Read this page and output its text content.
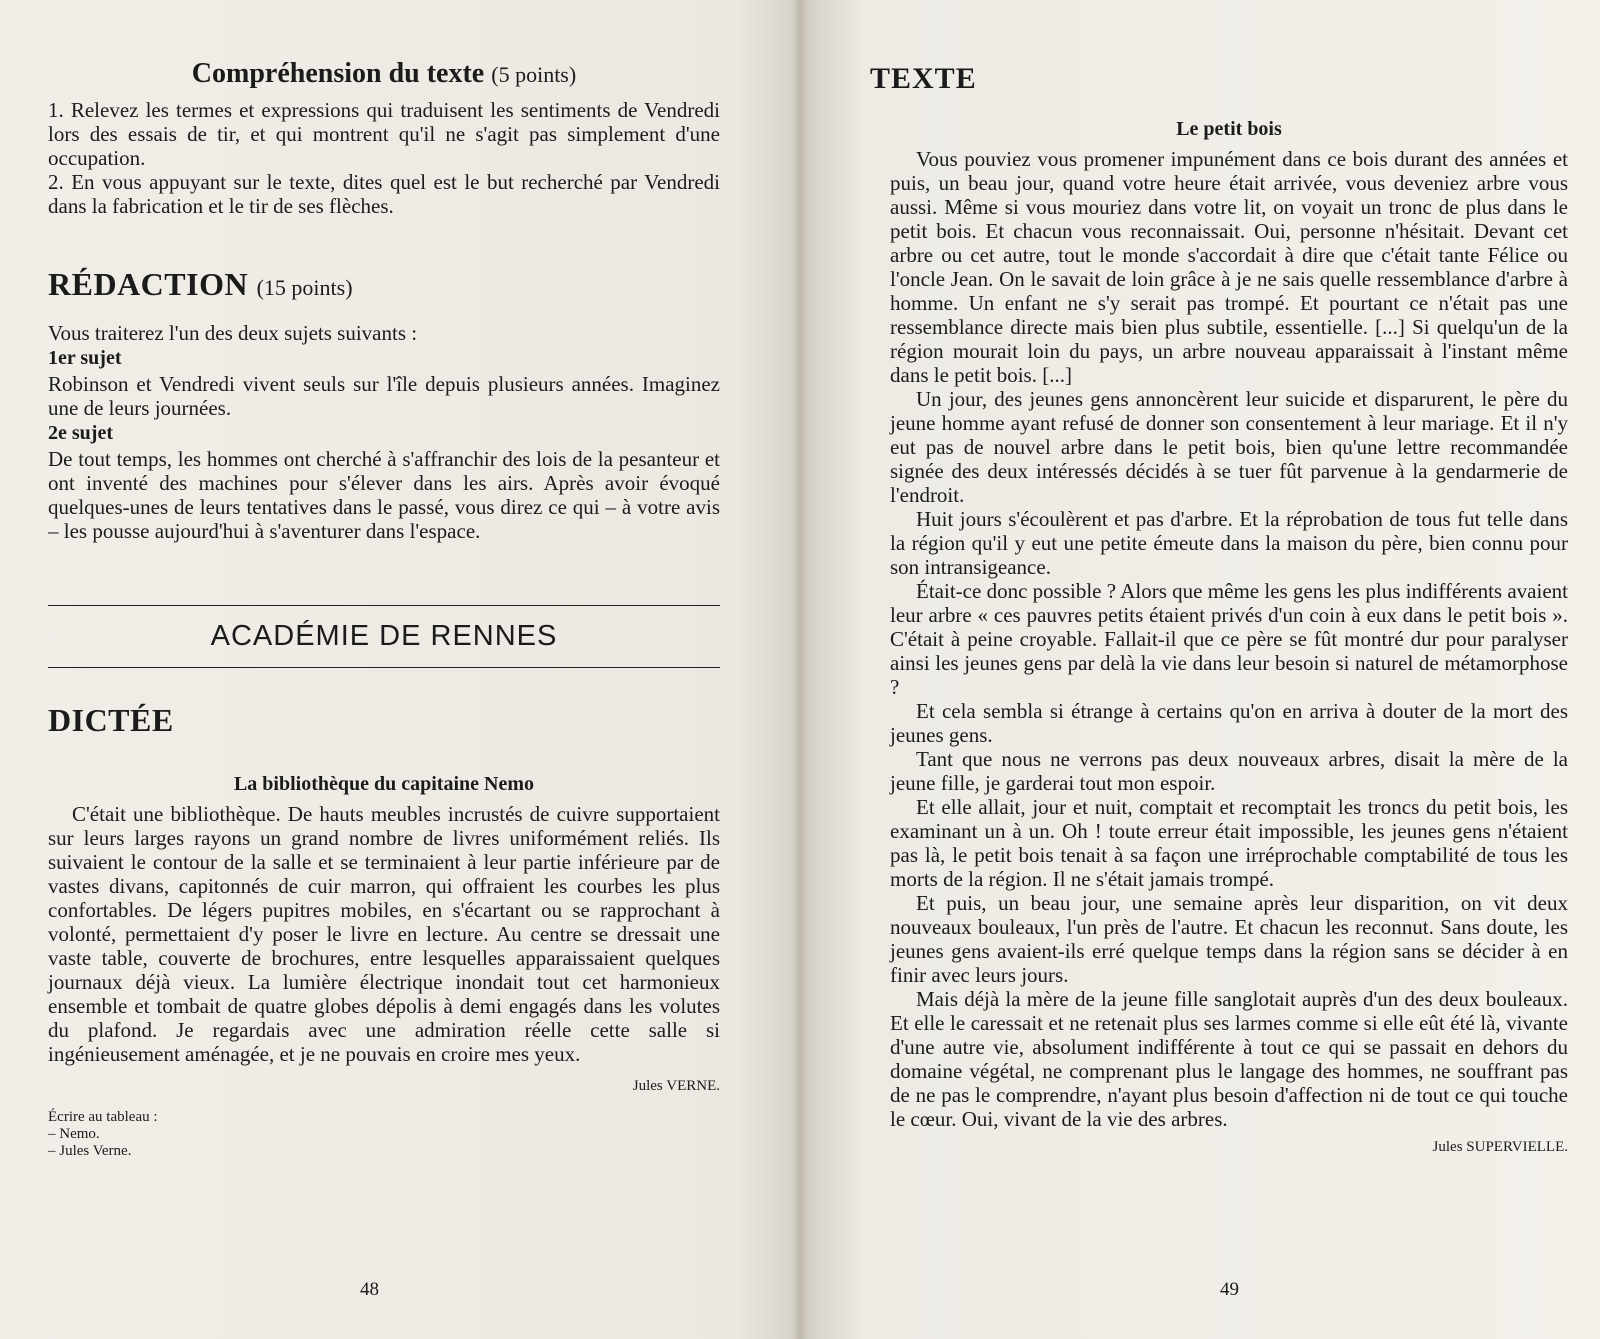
Compréhension du texte (5 points)

1. Relevez les termes et expressions qui traduisent les sentiments de Vendredi lors des essais de tir, et qui montrent qu'il ne s'agit pas simplement d'une occupation.

2. En vous appuyant sur le texte, dites quel est le but recherché par Vendredi dans la fabrication et le tir de ses flèches.

RÉDACTION (15 points)

Vous traiterez l'un des deux sujets suivants :

1er sujet

Robinson et Vendredi vivent seuls sur l'île depuis plusieurs années. Imaginez une de leurs journées.

2e sujet

De tout temps, les hommes ont cherché à s'affranchir des lois de la pesanteur et ont inventé des machines pour s'élever dans les airs. Après avoir évoqué quelques-unes de leurs tentatives dans le passé, vous direz ce qui – à votre avis – les pousse aujourd'hui à s'aventurer dans l'espace.

ACADÉMIE DE RENNES
DICTÉE
La bibliothèque du capitaine Nemo

C'était une bibliothèque. De hauts meubles incrustés de cuivre supportaient sur leurs larges rayons un grand nombre de livres uniformément reliés. Ils suivaient le contour de la salle et se terminaient à leur partie inférieure par de vastes divans, capitonnés de cuir marron, qui offraient les courbes les plus confortables. De légers pupitres mobiles, en s'écartant ou se rapprochant à volonté, permettaient d'y poser le livre en lecture. Au centre se dressait une vaste table, couverte de brochures, entre lesquelles apparaissaient quelques journaux déjà vieux. La lumière électrique inondait tout cet harmonieux ensemble et tombait de quatre globes dépolis à demi engagés dans les volutes du plafond. Je regardais avec une admiration réelle cette salle si ingénieusement aménagée, et je ne pouvais en croire mes yeux.

Jules VERNE.
Écrire au tableau :
– Nemo.
– Jules Verne.
48
TEXTE
Le petit bois

Vous pouviez vous promener impunément dans ce bois durant des années et puis, un beau jour, quand votre heure était arrivée, vous deveniez arbre vous aussi. Même si vous mouriez dans votre lit, on voyait un tronc de plus dans le petit bois. Et chacun vous reconnaissait. Oui, personne n'hésitait. Devant cet arbre ou cet autre, tout le monde s'accordait à dire que c'était tante Félice ou l'oncle Jean. On le savait de loin grâce à je ne sais quelle ressemblance d'arbre à homme. Un enfant ne s'y serait pas trompé. Et pourtant ce n'était pas une ressemblance directe mais bien plus subtile, essentielle. [...] Si quelqu'un de la région mourait loin du pays, un arbre nouveau apparaissait à l'instant même dans le petit bois. [...]

Un jour, des jeunes gens annoncèrent leur suicide et disparurent, le père du jeune homme ayant refusé de donner son consentement à leur mariage. Et il n'y eut pas de nouvel arbre dans le petit bois, bien qu'une lettre recommandée signée des deux intéressés décidés à se tuer fût parvenue à la gendarmerie de l'endroit.

Huit jours s'écoulèrent et pas d'arbre. Et la réprobation de tous fut telle dans la région qu'il y eut une petite émeute dans la maison du père, bien connu pour son intransigeance.

Était-ce donc possible ? Alors que même les gens les plus indifférents avaient leur arbre « ces pauvres petits étaient privés d'un coin à eux dans le petit bois ». C'était à peine croyable. Fallait-il que ce père se fût montré dur pour paralyser ainsi les jeunes gens par delà la vie dans leur besoin si naturel de métamorphose ?

Et cela sembla si étrange à certains qu'on en arriva à douter de la mort des jeunes gens.

Tant que nous ne verrons pas deux nouveaux arbres, disait la mère de la jeune fille, je garderai tout mon espoir.

Et elle allait, jour et nuit, comptait et recomptait les troncs du petit bois, les examinant un à un. Oh ! toute erreur était impossible, les jeunes gens n'étaient pas là, le petit bois tenait à sa façon une irréprochable comptabilité de tous les morts de la région. Il ne s'était jamais trompé.

Et puis, un beau jour, une semaine après leur disparition, on vit deux nouveaux bouleaux, l'un près de l'autre. Et chacun les reconnut. Sans doute, les jeunes gens avaient-ils erré quelque temps dans la région sans se décider à en finir avec leurs jours.

Mais déjà la mère de la jeune fille sanglotait auprès d'un des deux bouleaux. Et elle le caressait et ne retenait plus ses larmes comme si elle eût été là, vivante d'une autre vie, absolument indifférente à tout ce qui se passait en dehors du domaine végétal, ne comprenant plus le langage des hommes, ne souffrant pas de ne pas le comprendre, n'ayant plus besoin d'affection ni de tout ce qui touche le cœur. Oui, vivant de la vie des arbres.

Jules SUPERVIELLE.
49
